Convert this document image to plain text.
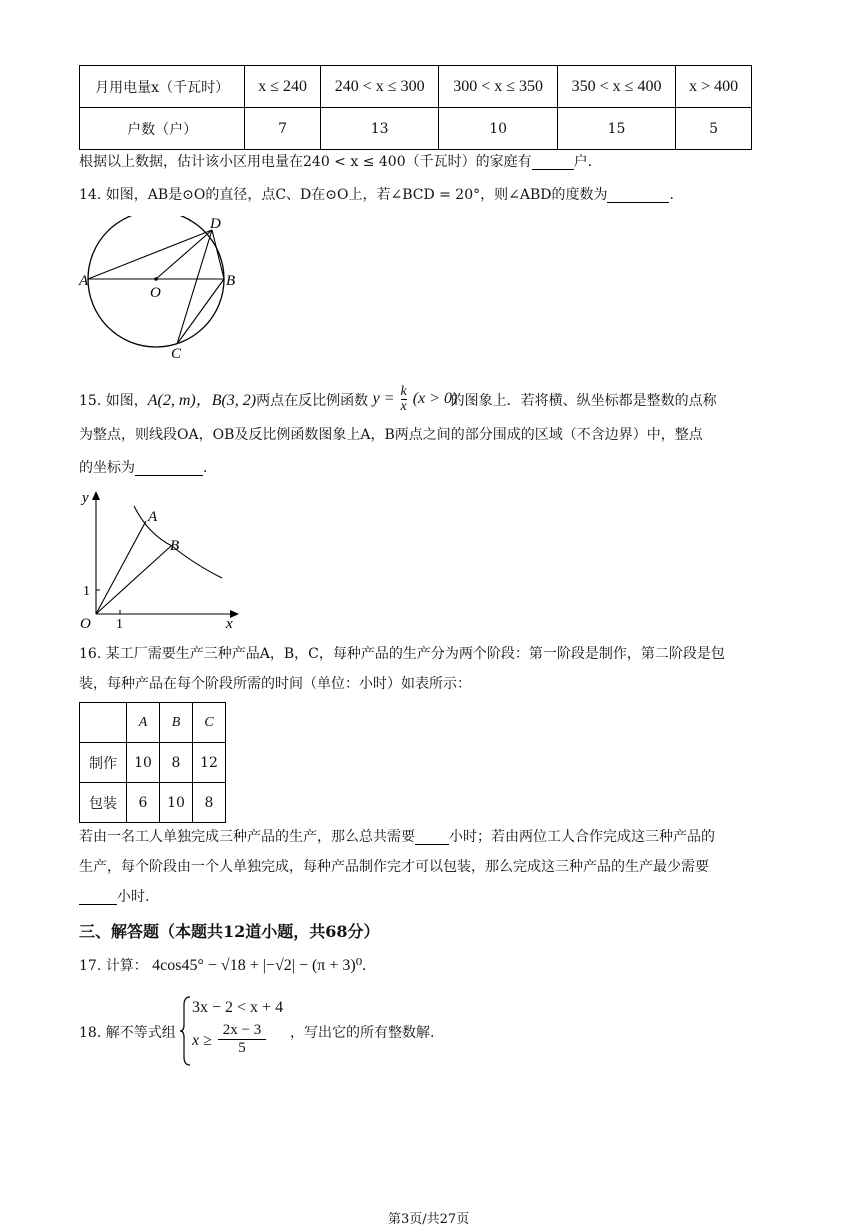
月用电量x（千瓦时）	x ≤ 240	240 < x ≤ 300	300 < x ≤ 350	350 < x ≤ 400	x > 400
户数（户）	7	13	10	15	5
根据以上数据，估计该小区用电量在240 < x ≤ 400（千瓦时）的家庭有	户.
14. 如图，AB是⊙O的直径，点C、D在⊙O上，若∠BCD = 20°，则∠ABD的度数为	.
A	B
D
O
C
15. 如图，A(2, m)，B(3, 2)两点在反比例函数 $y = \frac{k}{x} (x > 0)$的图象上．若将横、纵坐标都是整数的点称
为整点，则线段OA，OB及反比例函数图象上A，B两点之间的部分围成的区域（不含边界）中，整点
的坐标为	.
y
x
O 1
1
A
B
16. 某工厂需要生产三种产品A，B，C，每种产品的生产分为两个阶段：第一阶段是制作，第二阶段是包
装，每种产品在每个阶段所需的时间（单位：小时）如表所示：
	A	B	C
制作	10	8	12
包装	6	10	8
若由一名工人单独完成三种产品的生产，那么总共需要 小时；若由两位工人合作完成这三种产品的
生产，每个阶段由一个人单独完成，每种产品制作完才可以包装，那么完成这三种产品的生产最少需要
小时.
三、解答题（本题共12道小题，共68分）
17. 计算： 4cos45° − √18 + |−√2| − (π + 3)⁰.
18. 解不等式组
3x − 2 < x + 4
$x \ge \frac{2x - 3}{5}$ ，写出它的所有整数解.
第3页/共27页
